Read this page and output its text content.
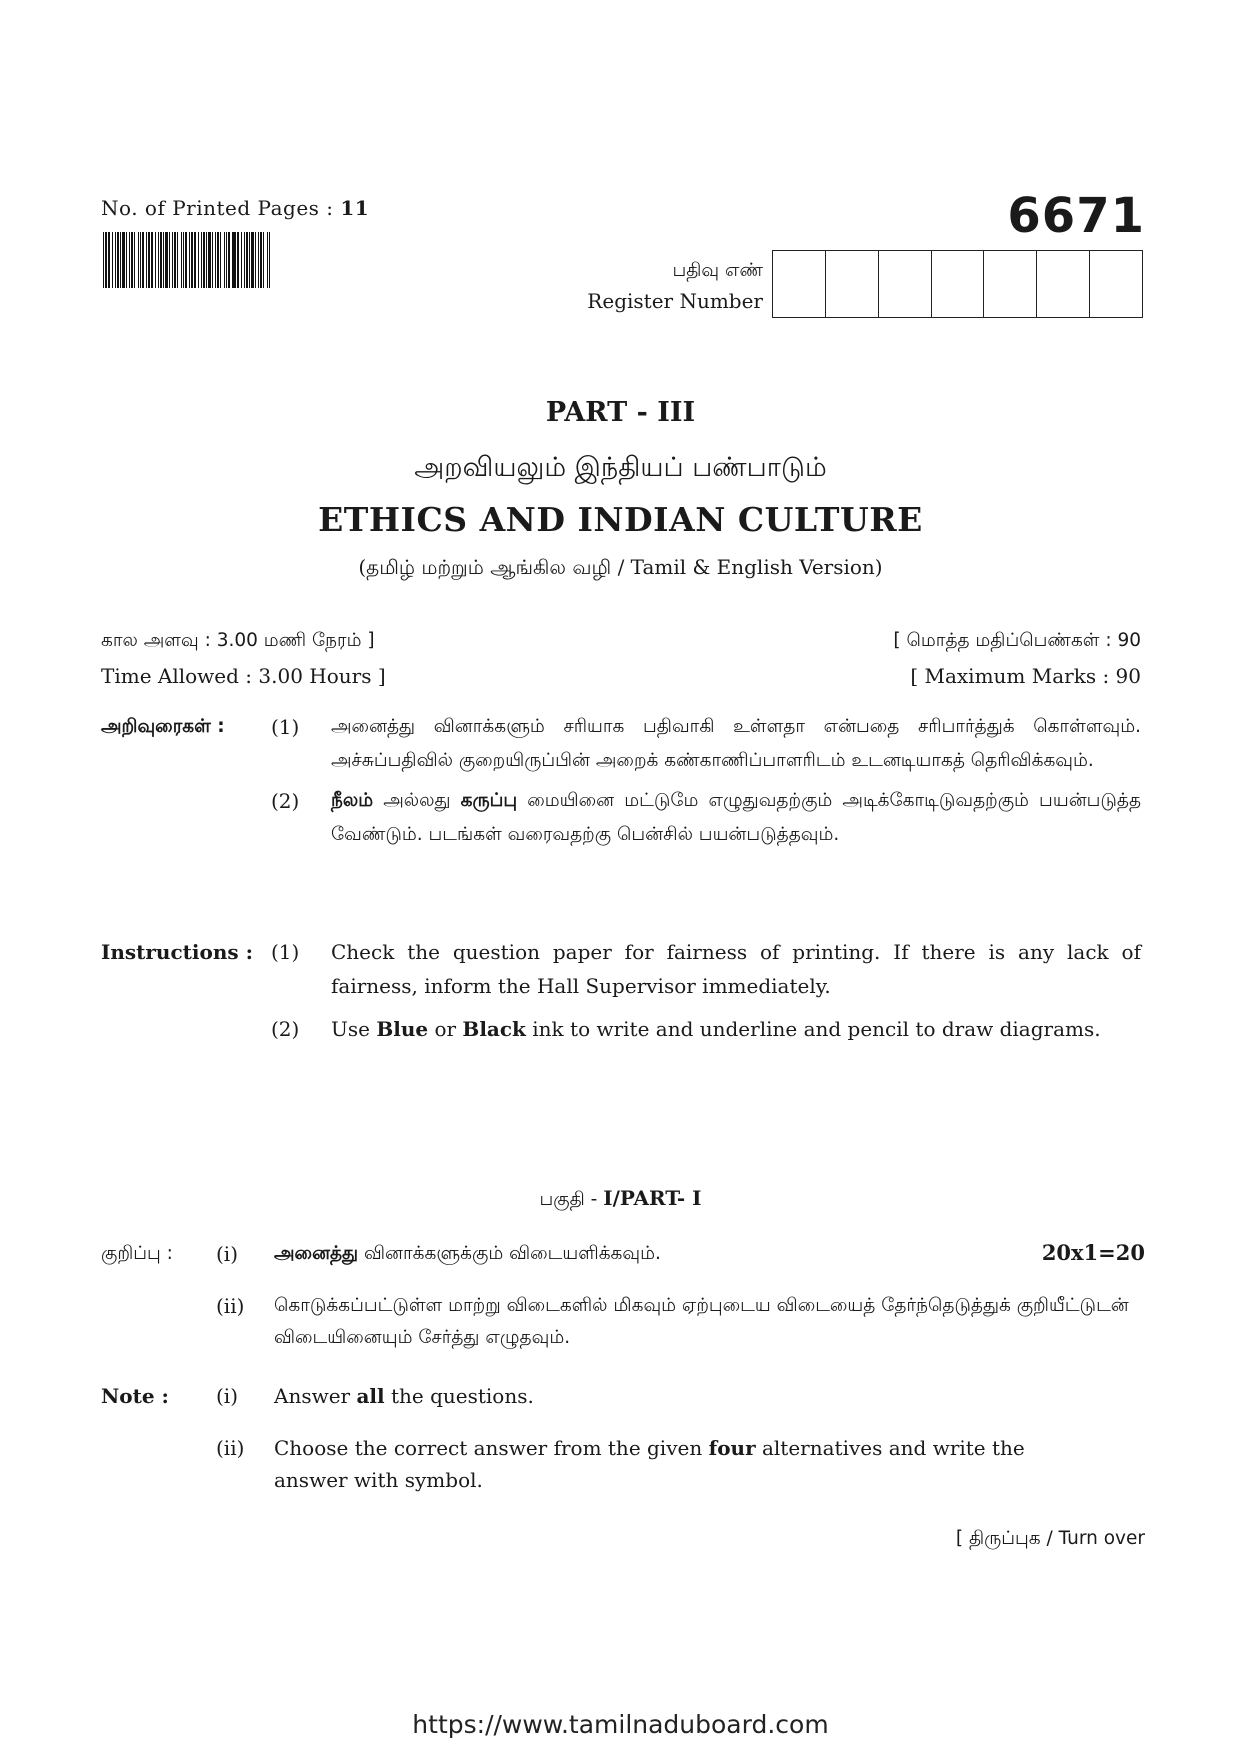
No. of Printed Pages : 11	6671
பதிவு எண்
Register Number
PART - III
அறவியலும் இந்தியப் பண்பாடும்
ETHICS AND INDIAN CULTURE
(தமிழ் மற்றும் ஆங்கில வழி / Tamil & English Version)
கால அளவு : 3.00 மணி நேரம் ]	[ மொத்த மதிப்பெண்கள் : 90
Time Allowed : 3.00 Hours ]	[ Maximum Marks : 90
அறிவுரைகள் :	(1)	அனைத்து வினாக்களும் சரியாக பதிவாகி உள்ளதா என்பதை சரிபார்த்துக் கொள்ளவும். அச்சுப்பதிவில் குறையிருப்பின் அறைக் கண்காணிப்பாளரிடம் உடனடியாகத் தெரிவிக்கவும்.
(2)	நீலம் அல்லது கருப்பு மையினை மட்டுமே எழுதுவதற்கும் அடிக்கோடிடுவதற்கும் பயன்படுத்த வேண்டும். படங்கள் வரைவதற்கு பென்சில் பயன்படுத்தவும்.
Instructions : (1)	Check the question paper for fairness of printing. If there is any lack of fairness, inform the Hall Supervisor immediately.
(2)	Use Blue or Black ink to write and underline and pencil to draw diagrams.
பகுதி - I/PART- I
20x1=20
குறிப்பு :	(i)	அனைத்து வினாக்களுக்கும் விடையளிக்கவும்.
(ii)	கொடுக்கப்பட்டுள்ள மாற்று விடைகளில் மிகவும் ஏற்புடைய விடையைத் தேர்ந்தெடுத்துக் குறியீட்டுடன் விடையினையும் சேர்த்து எழுதவும்.
Note :	(i)	Answer all the questions.
(ii)	Choose the correct answer from the given four alternatives and write the answer with symbol.
[ திருப்புக / Turn over
https://www.tamilnaduboard.com
